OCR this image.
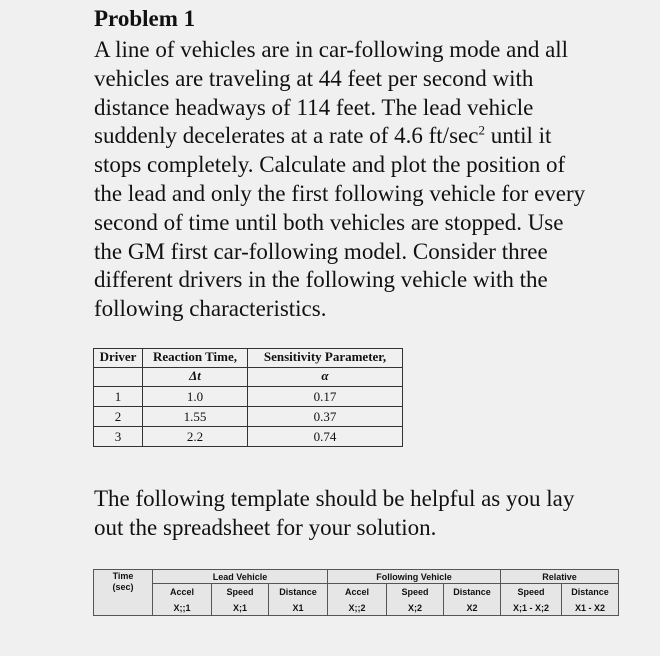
Problem 1
A line of vehicles are in car-following mode and all
vehicles are traveling at 44 feet per second with
distance headways of 114 feet. The lead vehicle
suddenly decelerates at a rate of 4.6 $ft/\sec^2$ until it
stops completely. Calculate and plot the position of
the lead and only the first following vehicle for every
second of time until both vehicles are stopped. Use
the GM first car-following model. Consider three
different drivers in the following vehicle with the
following characteristics.
Driver	Reaction Time,	Sensitivity Parameter,
	Δt	α
1	1.0	0.17
2	1.55	0.37
3	2.2	0.74
The following template should be helpful as you lay
out the spreadsheet for your solution.
Time
(sec)	Lead Vehicle			Following Vehicle			Relative	
	Accel	Speed	Distance	Accel	Speed	Distance	Speed	Distance
	X;;1	X;1	X1	X;;2	X;2	X2	X;1 - X;2	X1 - X2
